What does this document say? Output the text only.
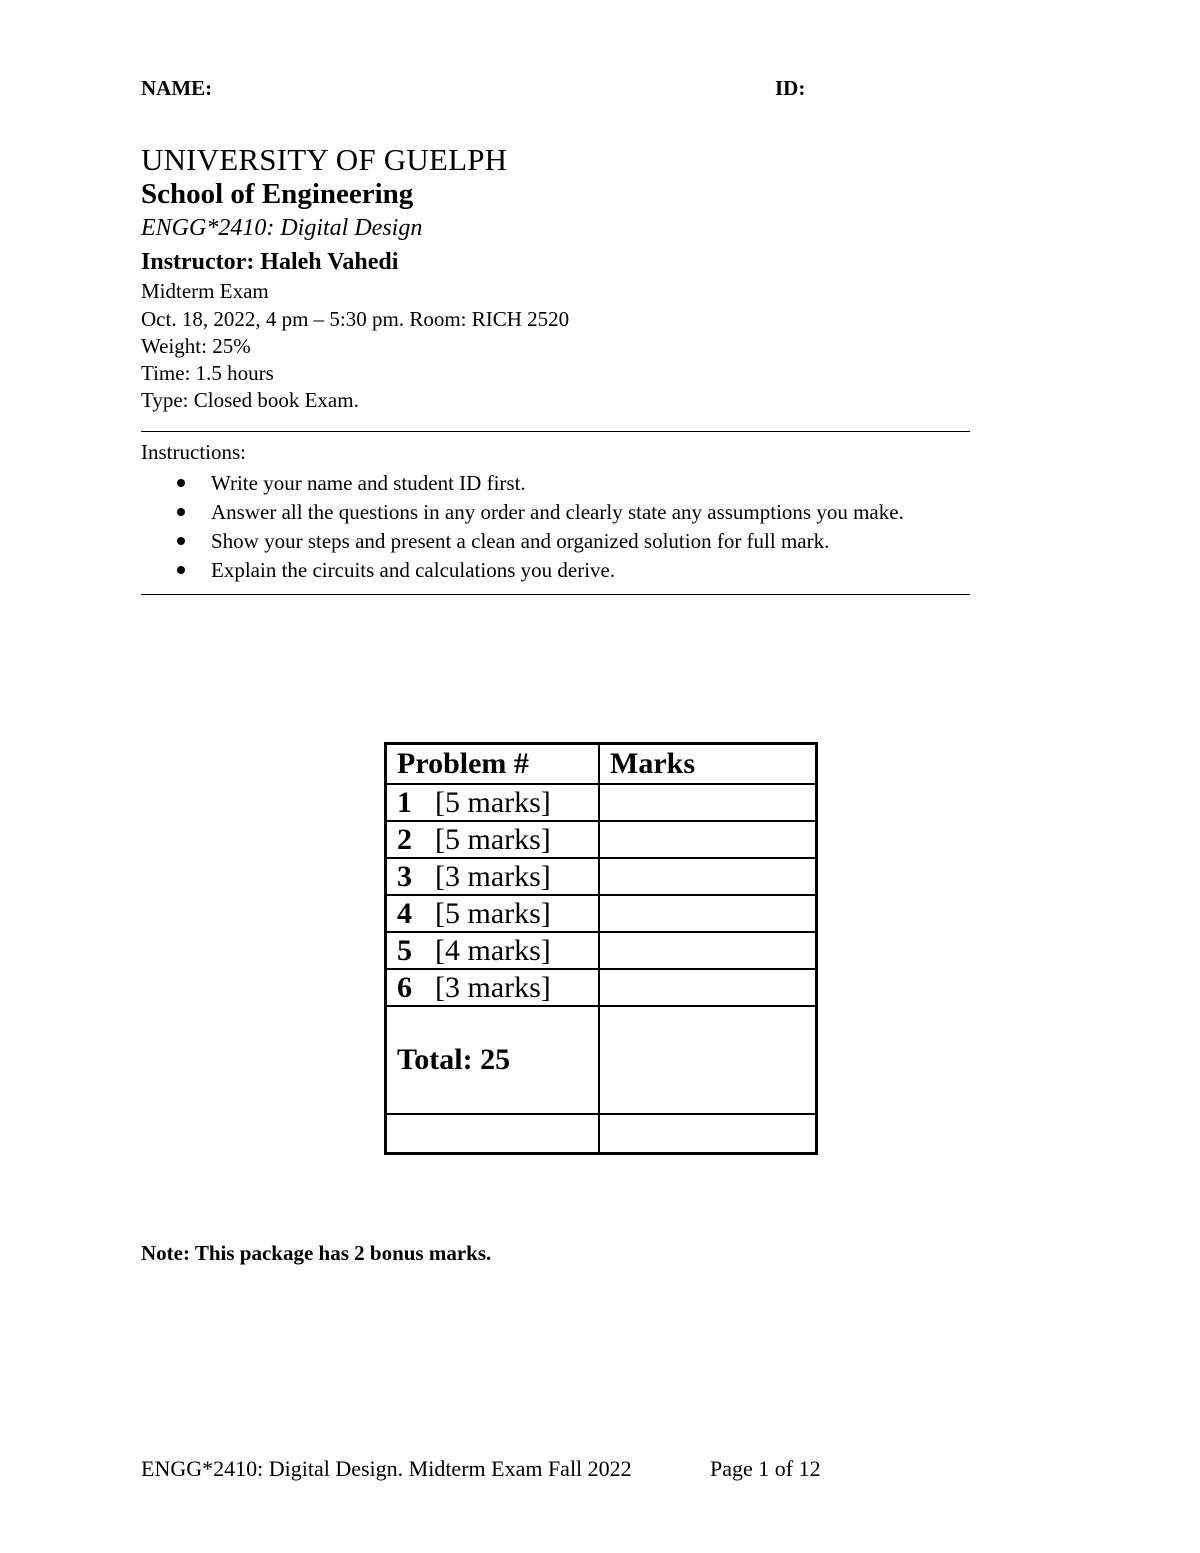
NAME:	ID:
UNIVERSITY OF GUELPH
School of Engineering
ENGG*2410: Digital Design
Instructor: Haleh Vahedi
Midterm Exam
Oct. 18, 2022, 4 pm – 5:30 pm. Room: RICH 2520
Weight: 25%
Time: 1.5 hours
Type: Closed book Exam.
Instructions:
Write your name and student ID first.
Answer all the questions in any order and clearly state any assumptions you make.
Show your steps and present a clean and organized solution for full mark.
Explain the circuits and calculations you derive.
Problem #	Marks
1 [5 marks]	
2 [5 marks]	
3 [3 marks]	
4 [5 marks]	
5 [4 marks]	
6 [3 marks]	
Total: 25	

Note: This package has 2 bonus marks.
ENGG*2410: Digital Design. Midterm Exam Fall 2022	Page 1 of 12
